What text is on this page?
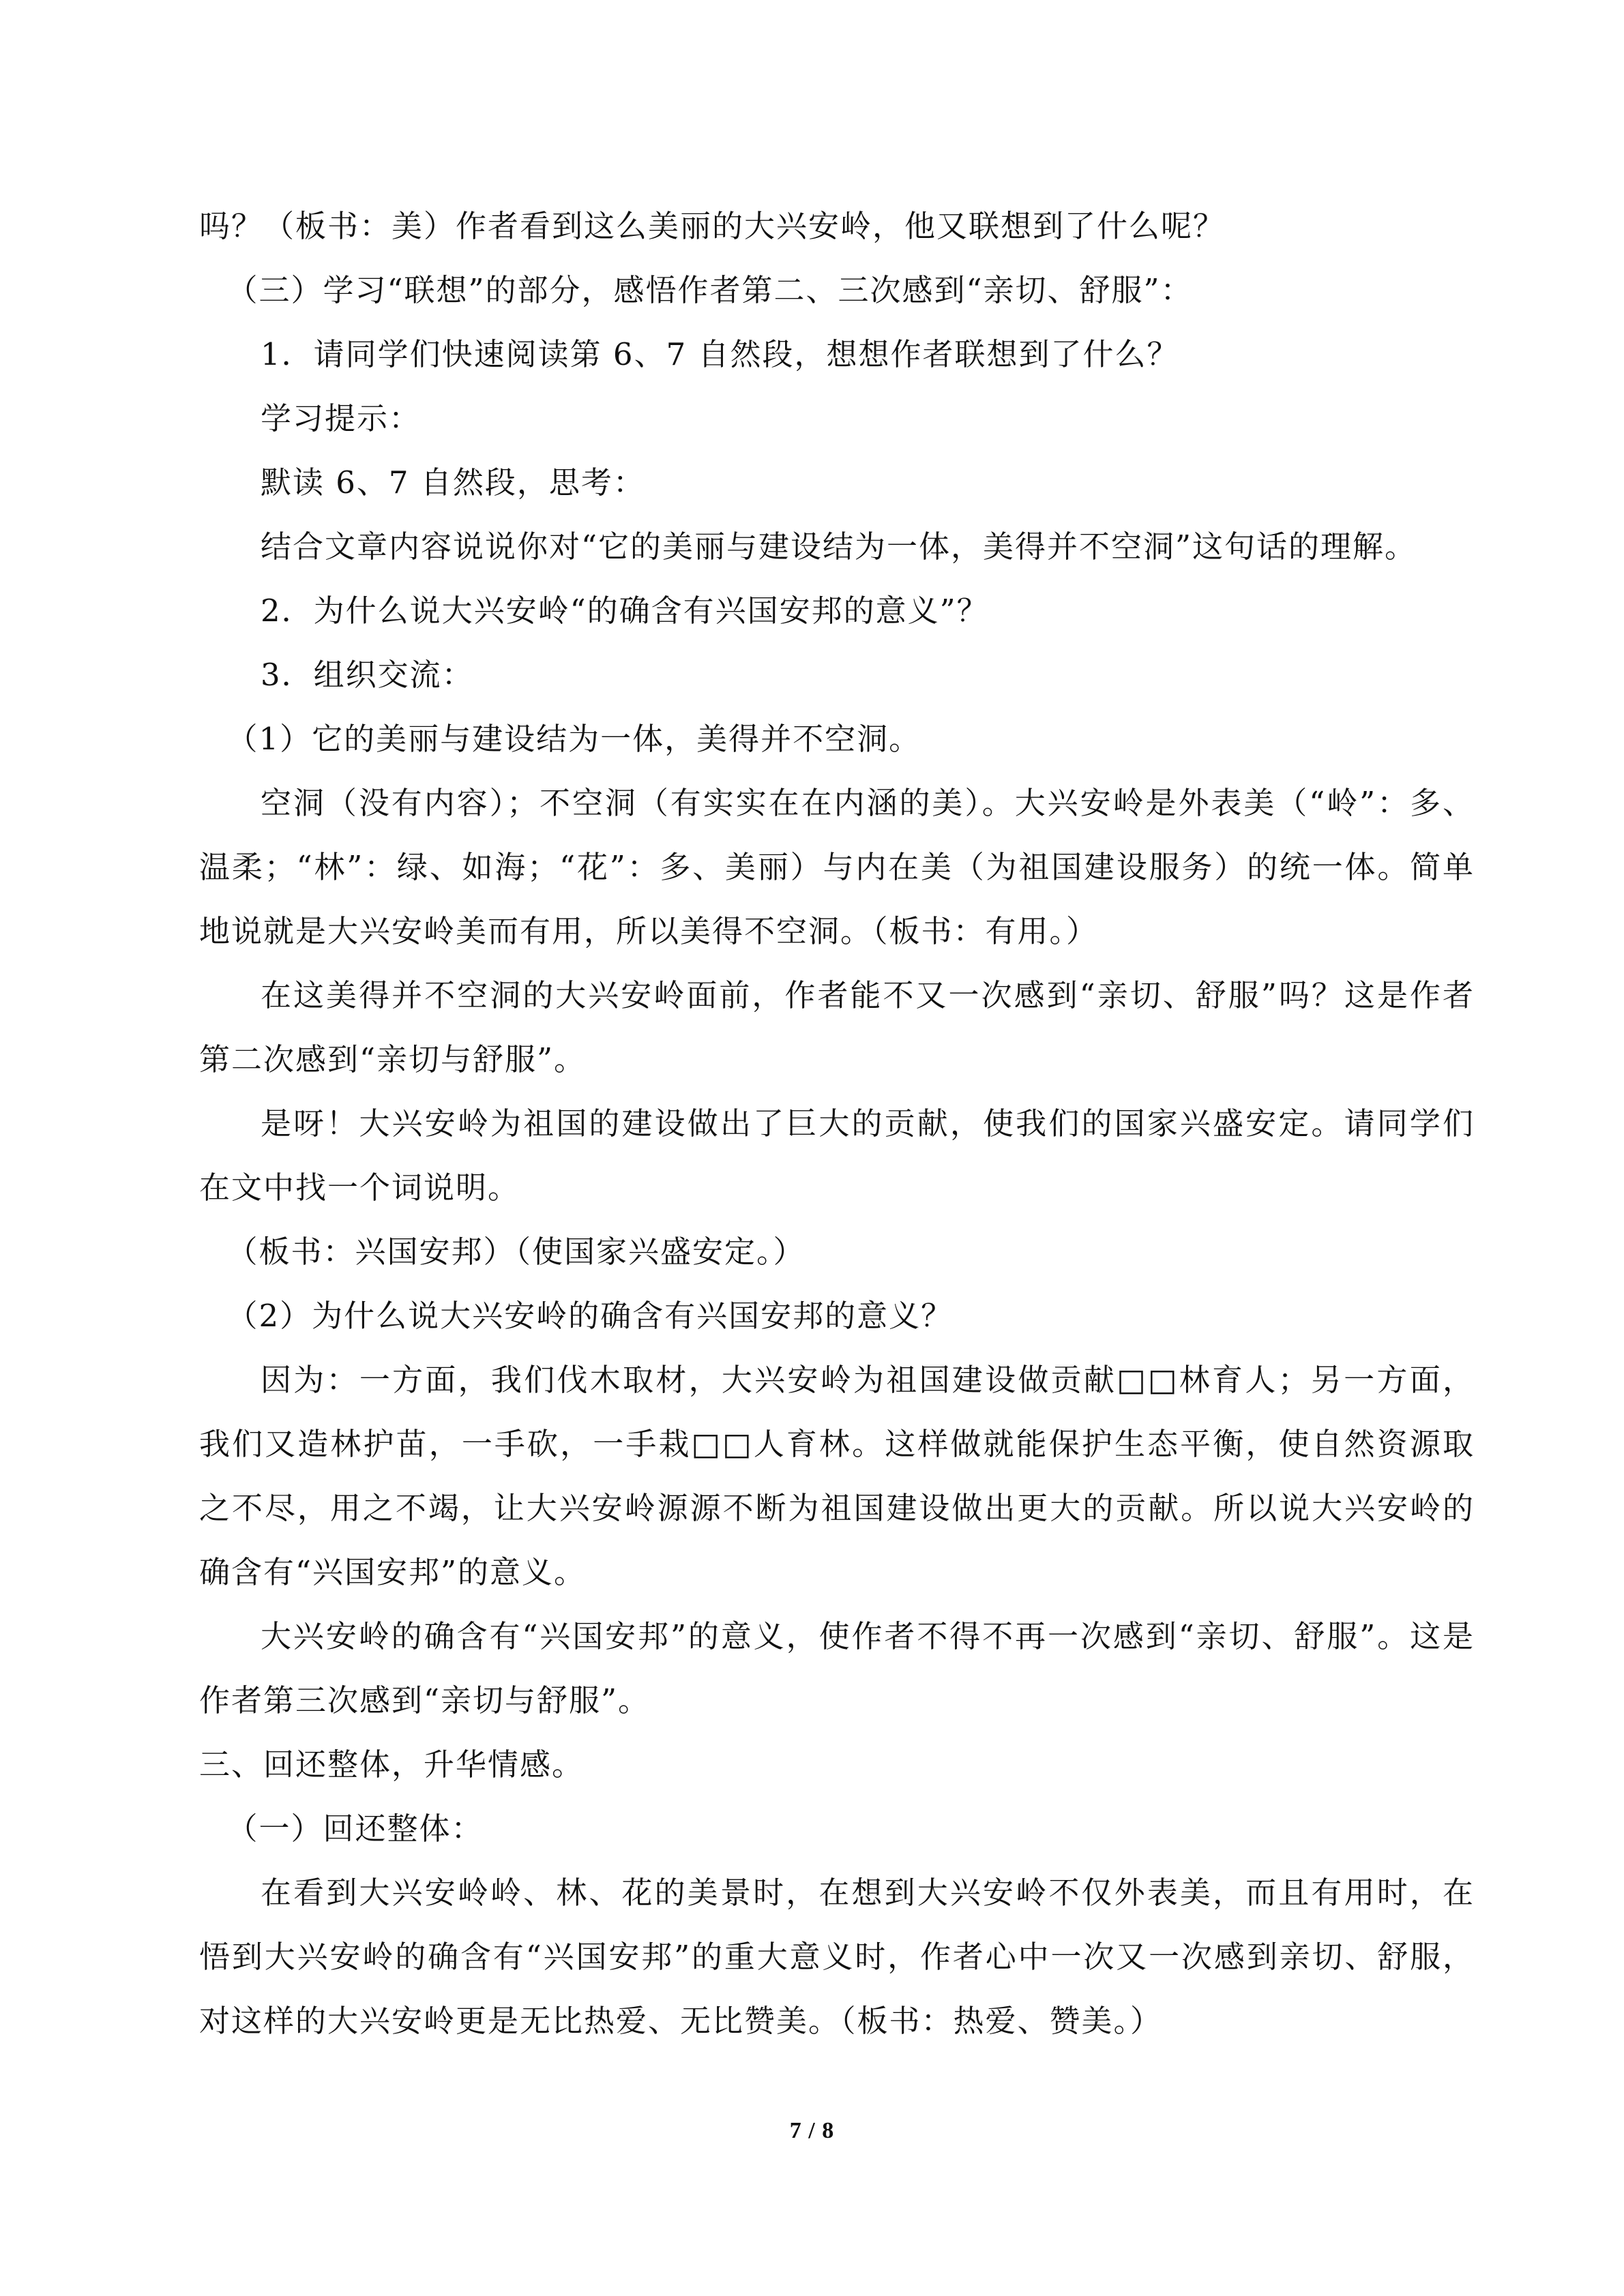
吗？（板书：美）作者看到这么美丽的大兴安岭，他又联想到了什么呢？

（三）学习“联想”的部分，感悟作者第二、三次感到“亲切、舒服”：

1．请同学们快速阅读第 6、7 自然段，想想作者联想到了什么？

学习提示：

默读 6、7 自然段，思考：

结合文章内容说说你对“它的美丽与建设结为一体，美得并不空洞”这句话的理解。

2．为什么说大兴安岭“的确含有兴国安邦的意义”？

3．组织交流：

（1）它的美丽与建设结为一体，美得并不空洞。

空洞（没有内容）；不空洞（有实实在在内涵的美）。大兴安岭是外表美（“岭”：多、温柔；“林”：绿、如海；“花”：多、美丽）与内在美（为祖国建设服务）的统一体。简单地说就是大兴安岭美而有用，所以美得不空洞。（板书：有用。）

在这美得并不空洞的大兴安岭面前，作者能不又一次感到“亲切、舒服”吗？这是作者第二次感到“亲切与舒服”。

是呀！大兴安岭为祖国的建设做出了巨大的贡献，使我们的国家兴盛安定。请同学们在文中找一个词说明。

（板书：兴国安邦）（使国家兴盛安定。）

（2）为什么说大兴安岭的确含有兴国安邦的意义？

因为：一方面，我们伐木取材，大兴安岭为祖国建设做贡献□□林育人；另一方面，我们又造林护苗，一手砍，一手栽□□人育林。这样做就能保护生态平衡，使自然资源取之不尽，用之不竭，让大兴安岭源源不断为祖国建设做出更大的贡献。所以说大兴安岭的确含有“兴国安邦”的意义。

大兴安岭的确含有“兴国安邦”的意义，使作者不得不再一次感到“亲切、舒服”。这是作者第三次感到“亲切与舒服”。

三、回还整体，升华情感。

（一）回还整体：

在看到大兴安岭岭、林、花的美景时，在想到大兴安岭不仅外表美，而且有用时，在悟到大兴安岭的确含有“兴国安邦”的重大意义时，作者心中一次又一次感到亲切、舒服，对这样的大兴安岭更是无比热爱、无比赞美。（板书：热爱、赞美。）

7 / 8
